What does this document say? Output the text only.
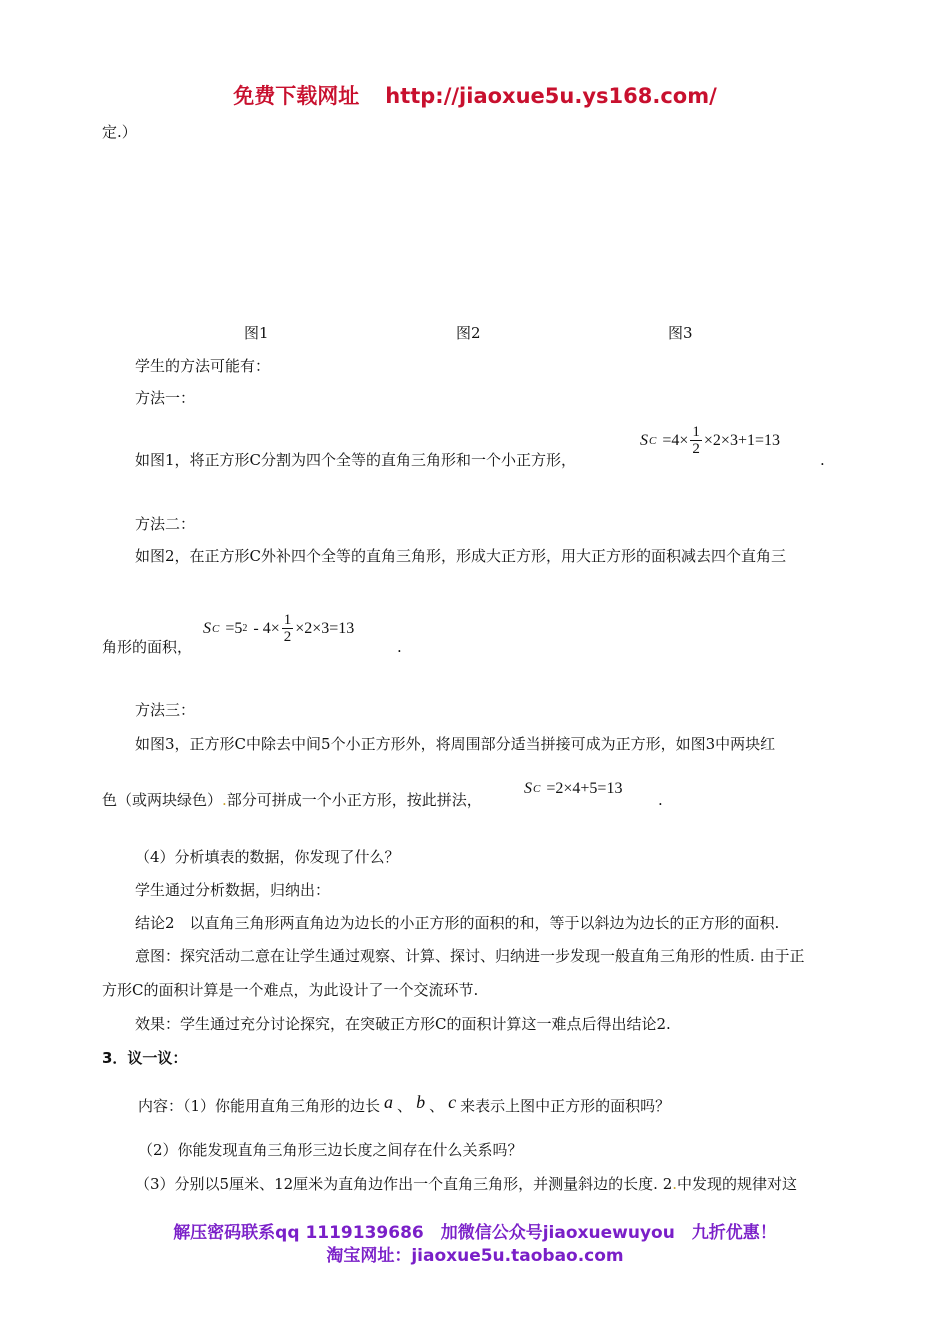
免费下载网址 http://jiaoxue5u.ys168.com/
定.）
图1	图2	图3
学生的方法可能有：
方法一：
如图1，将正方形C分割为四个全等的直角三角形和一个小正方形，
S $C =4\times \frac{1}{2} \times 2\times 3+1=13$
.
方法二：
如图2，在正方形C外补四个全等的直角三角形，形成大正方形，用大正方形的面积减去四个直角三
角形的面积，
S C =5 $2 - 4\times \frac{1}{2} \times 2\times 3=13$
.
方法三：
如图3，正方形C中除去中间5个小正方形外，将周围部分适当拼接可成为正方形，如图3中两块红
色（或两块绿色）.部分可拼成一个小正方形，按此拼法，
S C =2×4+5=13
.
（4）分析填表的数据，你发现了什么？
学生通过分析数据，归纳出：
结论2　以直角三角形两直角边为边长的小正方形的面积的和，等于以斜边为边长的正方形的面积.
意图：探究活动二意在让学生通过观察、计算、探讨、归纳进一步发现一般直角三角形的性质. 由于正
方形C的面积计算是一个难点，为此设计了一个交流环节.
效果：学生通过充分讨论探究，在突破正方形C的面积计算这一难点后得出结论2.
3．议一议：
内容：（1）你能用直角三角形的边长 a 、 b 、 c 来表示上图中正方形的面积吗？
（2）你能发现直角三角形三边长度之间存在什么关系吗？
（3）分别以5厘米、12厘米为直角边作出一个直角三角形，并测量斜边的长度. 2.中发现的规律对这
解压密码联系qq 1119139686　加微信公众号jiaoxuewuyou　九折优惠！
淘宝网址：jiaoxue5u.taobao.com
